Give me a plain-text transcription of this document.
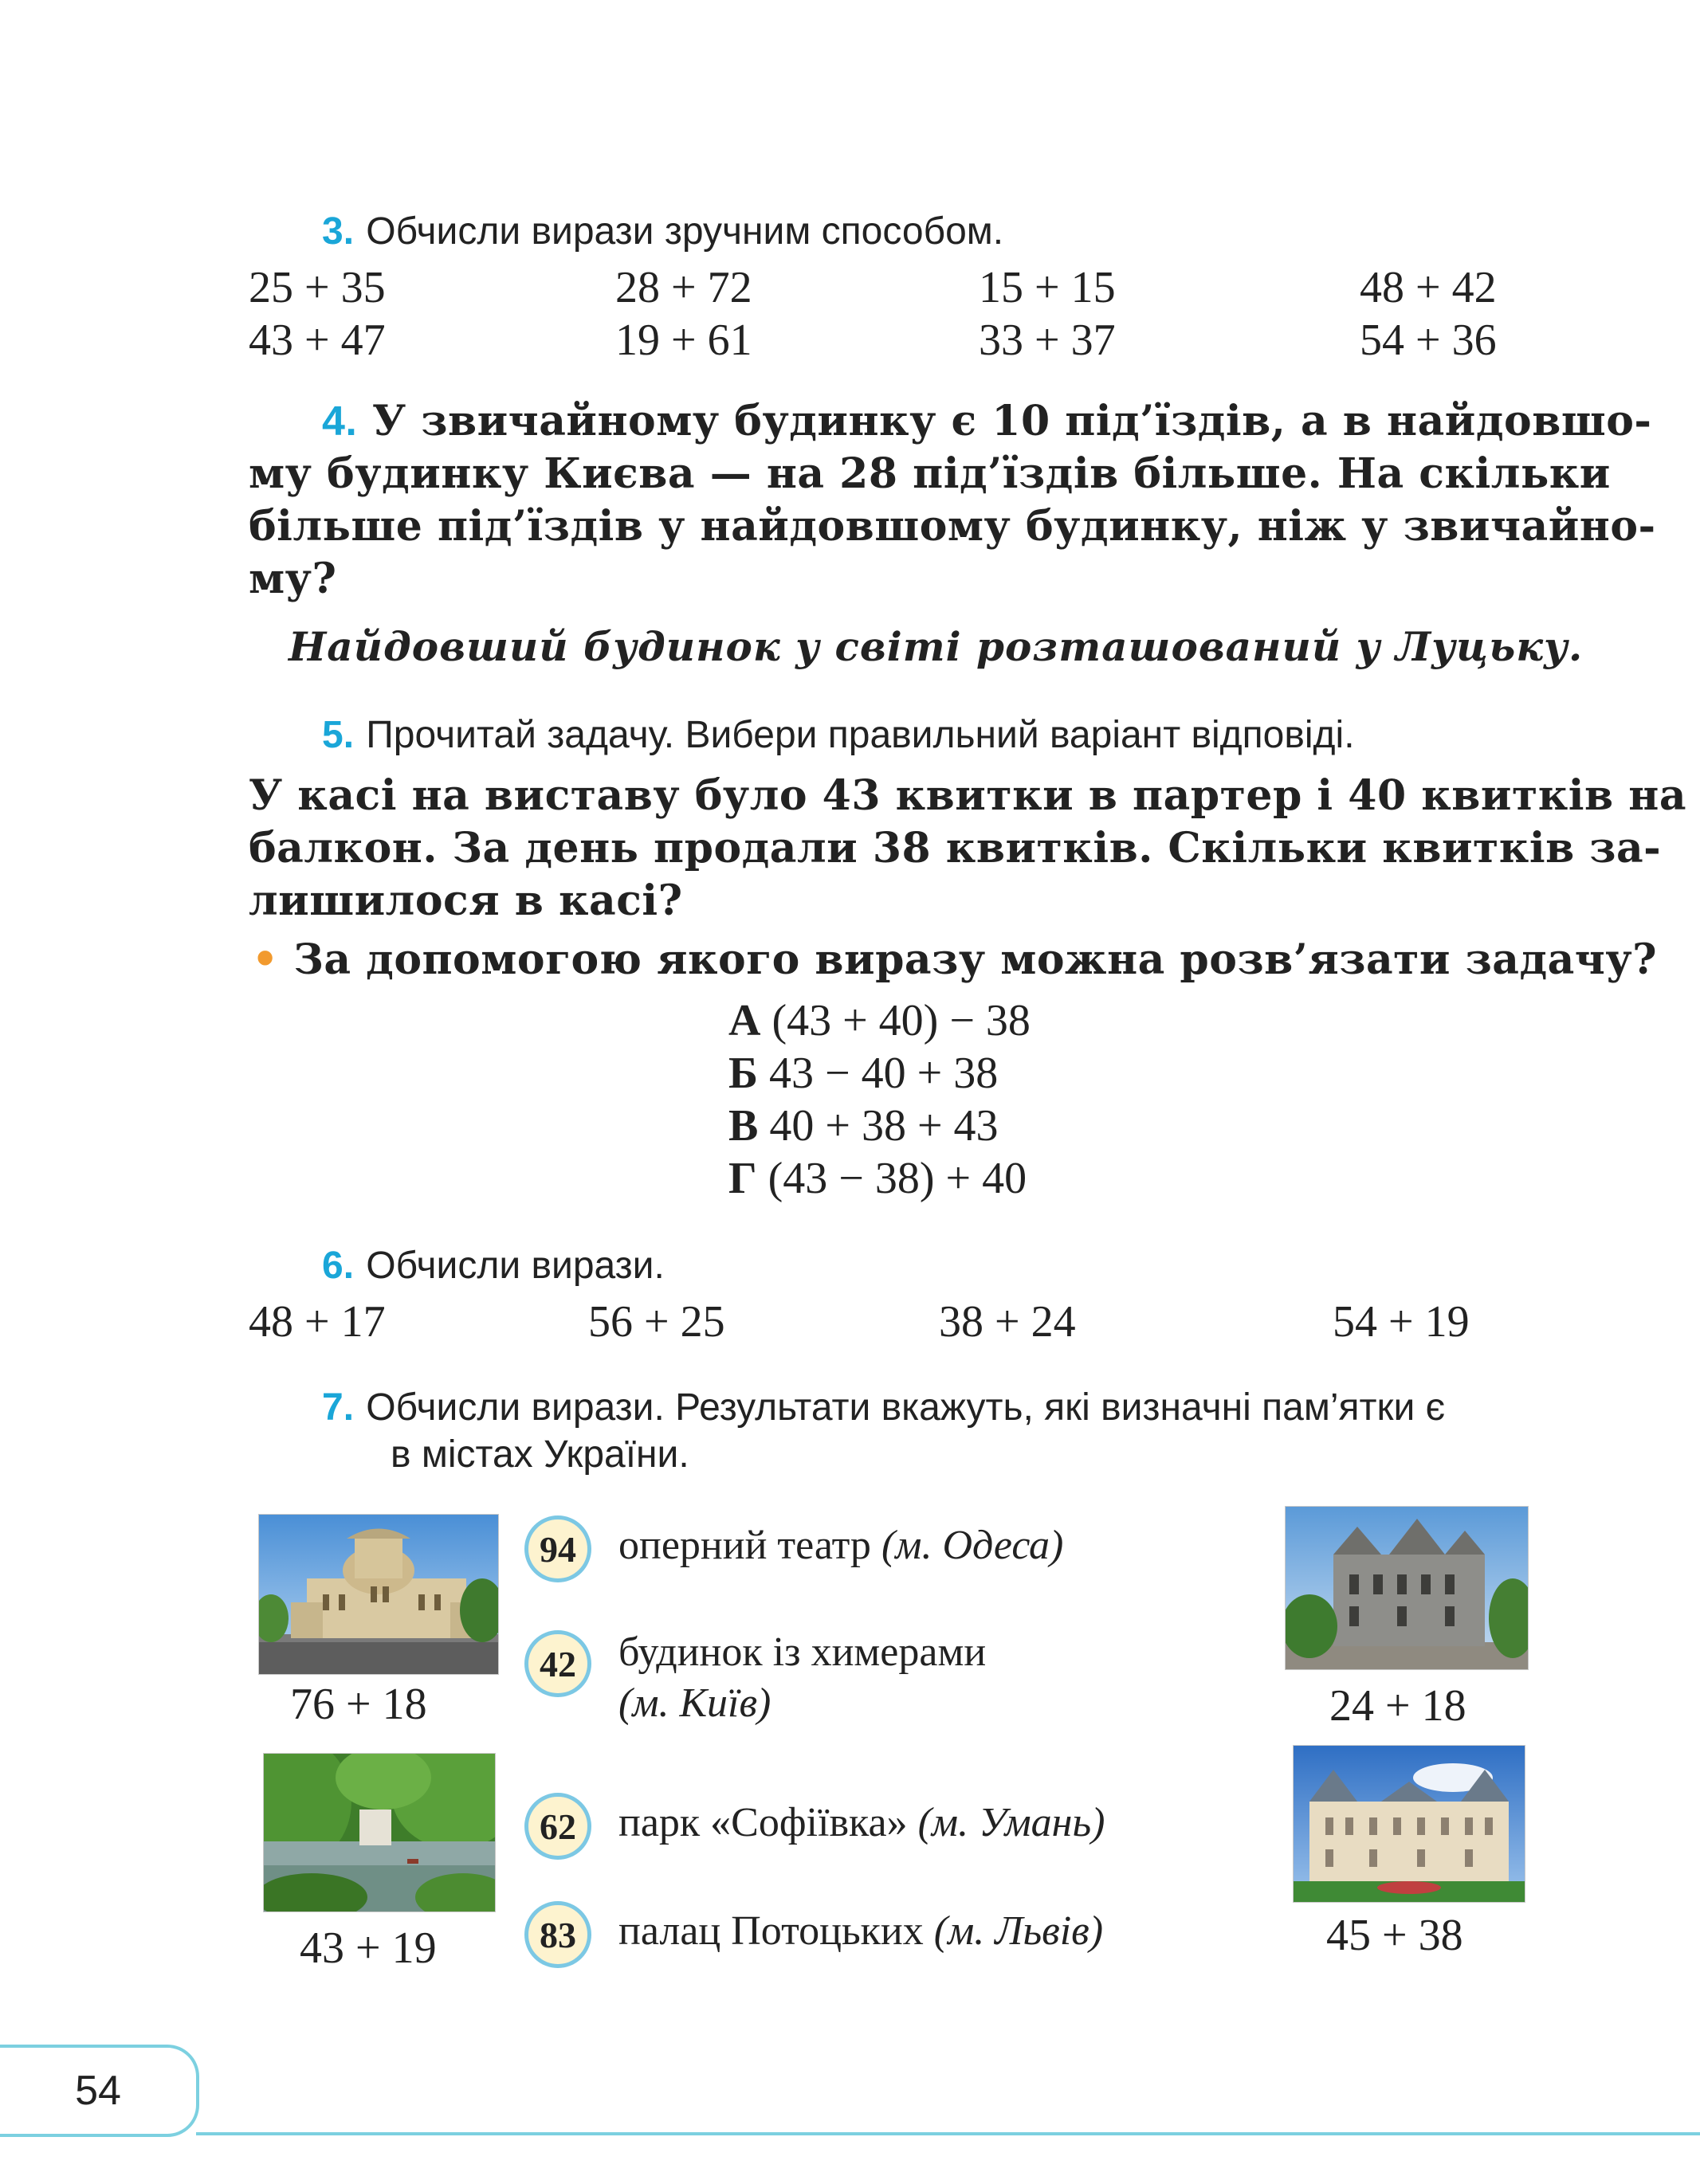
3. Обчисли вирази зручним способом.
25 + 35	28 + 72	15 + 15	48 + 42
43 + 47	19 + 61	33 + 37	54 + 36
4. У звичайному будинку є 10 під’їздів, а в найдовшо-
му будинку Києва — на 28 під’їздів більше. На скільки
більше під’їздів у найдовшому будинку, ніж у звичайно-
му?
Найдовший будинок у світі розташований у Луцьку.
5. Прочитай задачу. Вибери правильний варіант відповіді.
У касі на виставу було 43 квитки в партер і 40 квитків на
балкон. За день продали 38 квитків. Скільки квитків за-
лишилося в касі?
• За допомогою якого виразу можна розв’язати задачу?
А (43 + 40) − 38
Б 43 − 40 + 38
В 40 + 38 + 43
Г (43 − 38) + 40
6. Обчисли вирази.
48 + 17	56 + 25	38 + 24	54 + 19
7. Обчисли вирази. Результати вкажуть, які визначні пам’ятки є
в містах України.
76 + 18	24 + 18
43 + 19	45 + 38
94	оперний театр (м. Одеса)
42	будинок із химерами
(м. Київ)
62	парк «Софіївка» (м. Умань)
83	палац Потоцьких (м. Львів)
54
